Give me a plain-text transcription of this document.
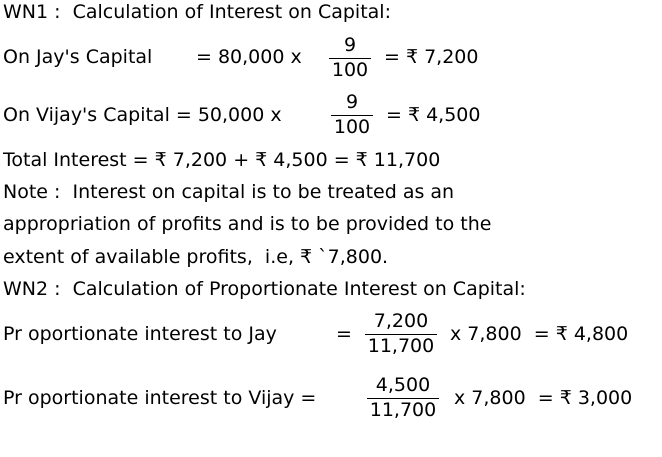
WN1 :  Calculation of Interest on Capital:
On Jay's Capital = 80,000 x
9
100
= ₹ 7,200
On Vijay's Capital = 50,000 x
9
100
= ₹ 4,500
Total Interest = ₹ 7,200 + ₹ 4,500 = ₹ 11,700
Note :  Interest on capital is to be treated as an
appropriation of profits and is to be provided to the
extent of available profits,  i.e, ₹ `7,800.
WN2 :  Calculation of Proportionate Interest on Capital:
Pr oportionate interest to Jay	=
7,200
11,700
x 7,800  = ₹ 4,800
Pr oportionate interest to Vijay =
4,500
11,700
x 7,800  = ₹ 3,000
